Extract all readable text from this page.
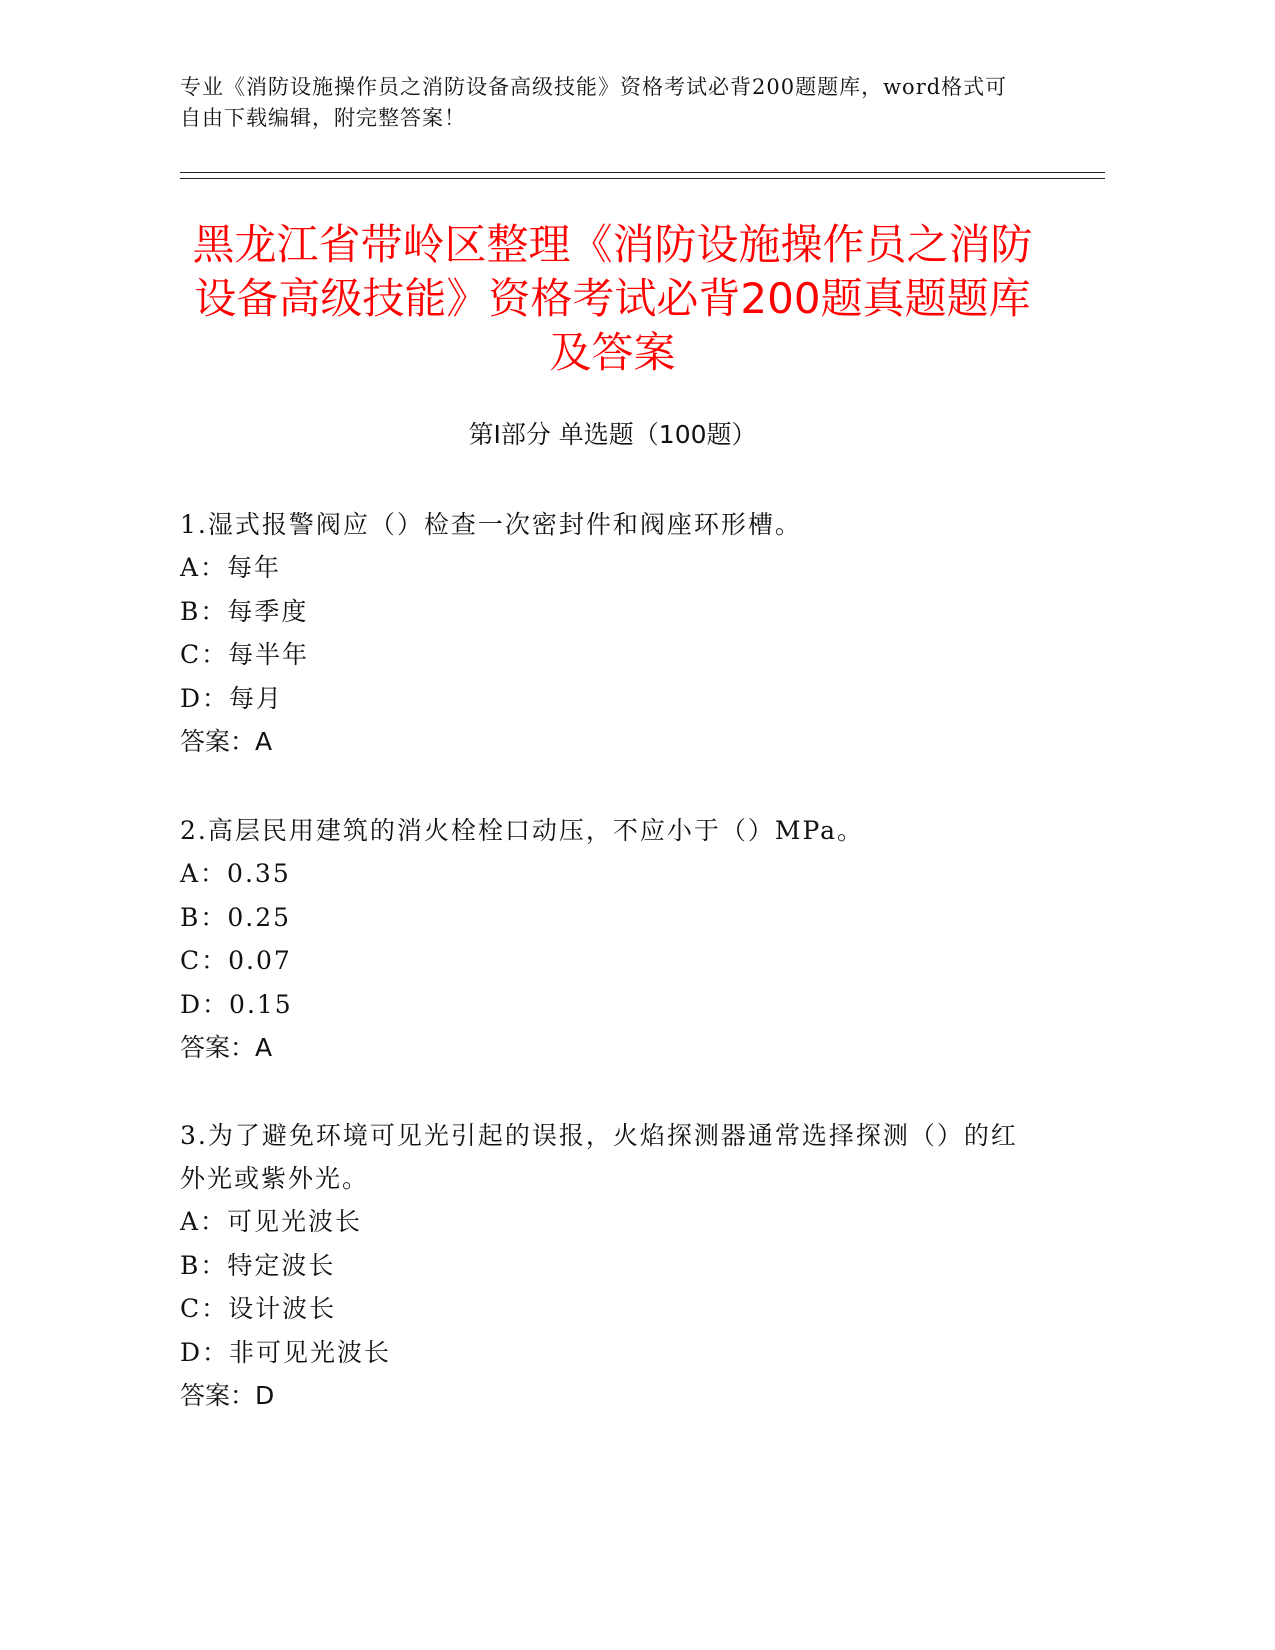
专业《消防设施操作员之消防设备高级技能》资格考试必背200题题库，word格式可自由下载编辑，附完整答案！
黑龙江省带岭区整理《消防设施操作员之消防设备高级技能》资格考试必背200题真题题库及答案
第Ⅰ部分 单选题（100题）

1.湿式报警阀应（）检查一次密封件和阀座环形槽。

A：每年

B：每季度

C：每半年

D：每月

答案：A

2.高层民用建筑的消火栓栓口动压，不应小于（）MPa。

A：0.35

B：0.25

C：0.07

D：0.15

答案：A

3.为了避免环境可见光引起的误报，火焰探测器通常选择探测（）的红外光或紫外光。

A：可见光波长

B：特定波长

C：设计波长

D：非可见光波长

答案：D
